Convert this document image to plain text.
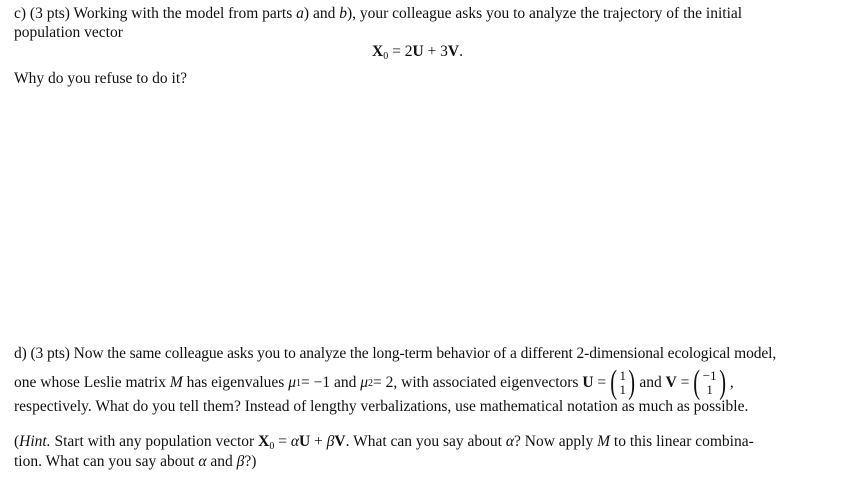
c) (3 pts) Working with the model from parts a) and b), your colleague asks you to analyze the trajectory of the initial
population vector
$X_0 = 2U + 3V$.
Why do you refuse to do it?
d) (3 pts) Now the same colleague asks you to analyze the long-term behavior of a different 2-dimensional ecological model,
one whose Leslie matrix
M
has eigenvalues
μ 1 = −1 and
μ 2 = 2, with associated eigenvectors
U
= ( 1
1 ) and
V
= ( −1
1 ) ,
respectively. What do you tell them? Instead of lengthy verbalizations, use mathematical notation as much as possible.
(Hint. Start with any population vector $X_0 = \alpha U + \beta V$. What can you say about α? Now apply M to this linear combina-
tion. What can you say about α and β?)
